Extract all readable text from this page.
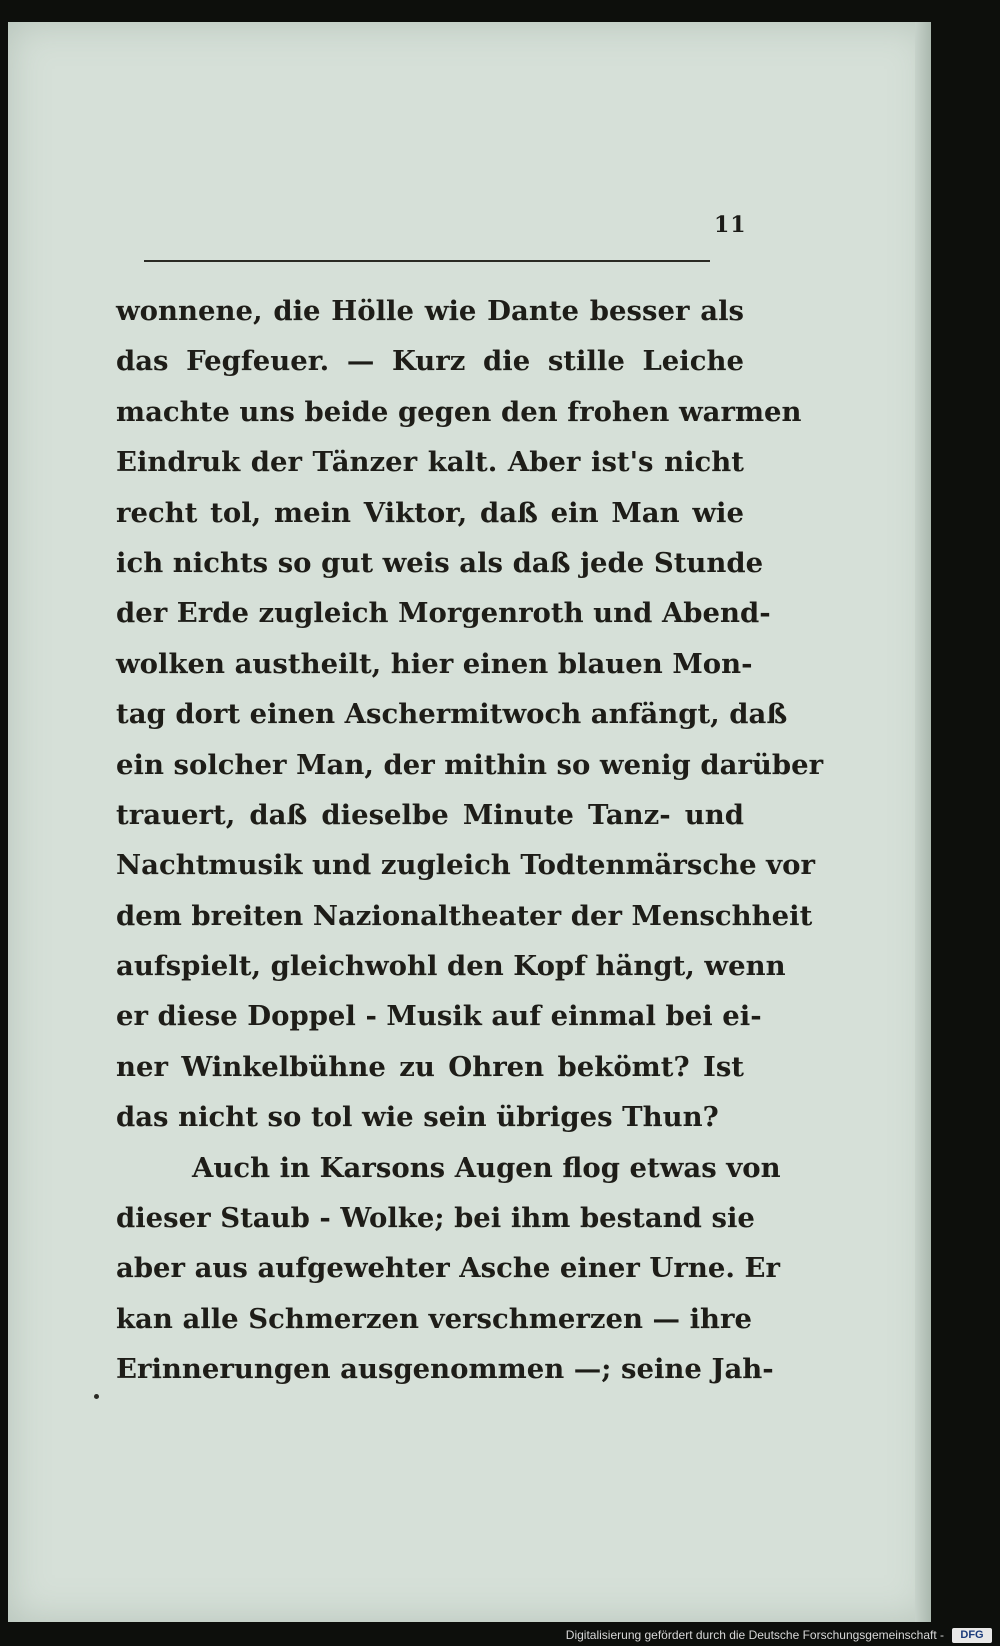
11
wonnene, die Hölle wie Dante besser als
das Fegfeuer. — Kurz die stille Leiche
machte uns beide gegen den frohen warmen
Eindruk der Tänzer kalt. Aber ist's nicht
recht tol, mein Viktor, daß ein Man wie
ich nichts so gut weis als daß jede Stunde
der Erde zugleich Morgenroth und Abend-
wolken austheilt, hier einen blauen Mon-
tag dort einen Aschermitwoch anfängt, daß
ein solcher Man, der mithin so wenig darüber
trauert, daß dieselbe Minute Tanz- und
Nachtmusik und zugleich Todtenmärsche vor
dem breiten Nazionaltheater der Menschheit
aufspielt, gleichwohl den Kopf hängt, wenn
er diese Doppel - Musik auf einmal bei ei-
ner Winkelbühne zu Ohren bekömt? Ist
das nicht so tol wie sein übriges Thun?
Auch in Karsons Augen flog etwas von
dieser Staub - Wolke; bei ihm bestand sie
aber aus aufgewehter Asche einer Urne. Er
kan alle Schmerzen verschmerzen — ihre
Erinnerungen ausgenommen —; seine Jah-
Digitalisierung gefördert durch die Deutsche Forschungsgemeinschaft -	DFG
